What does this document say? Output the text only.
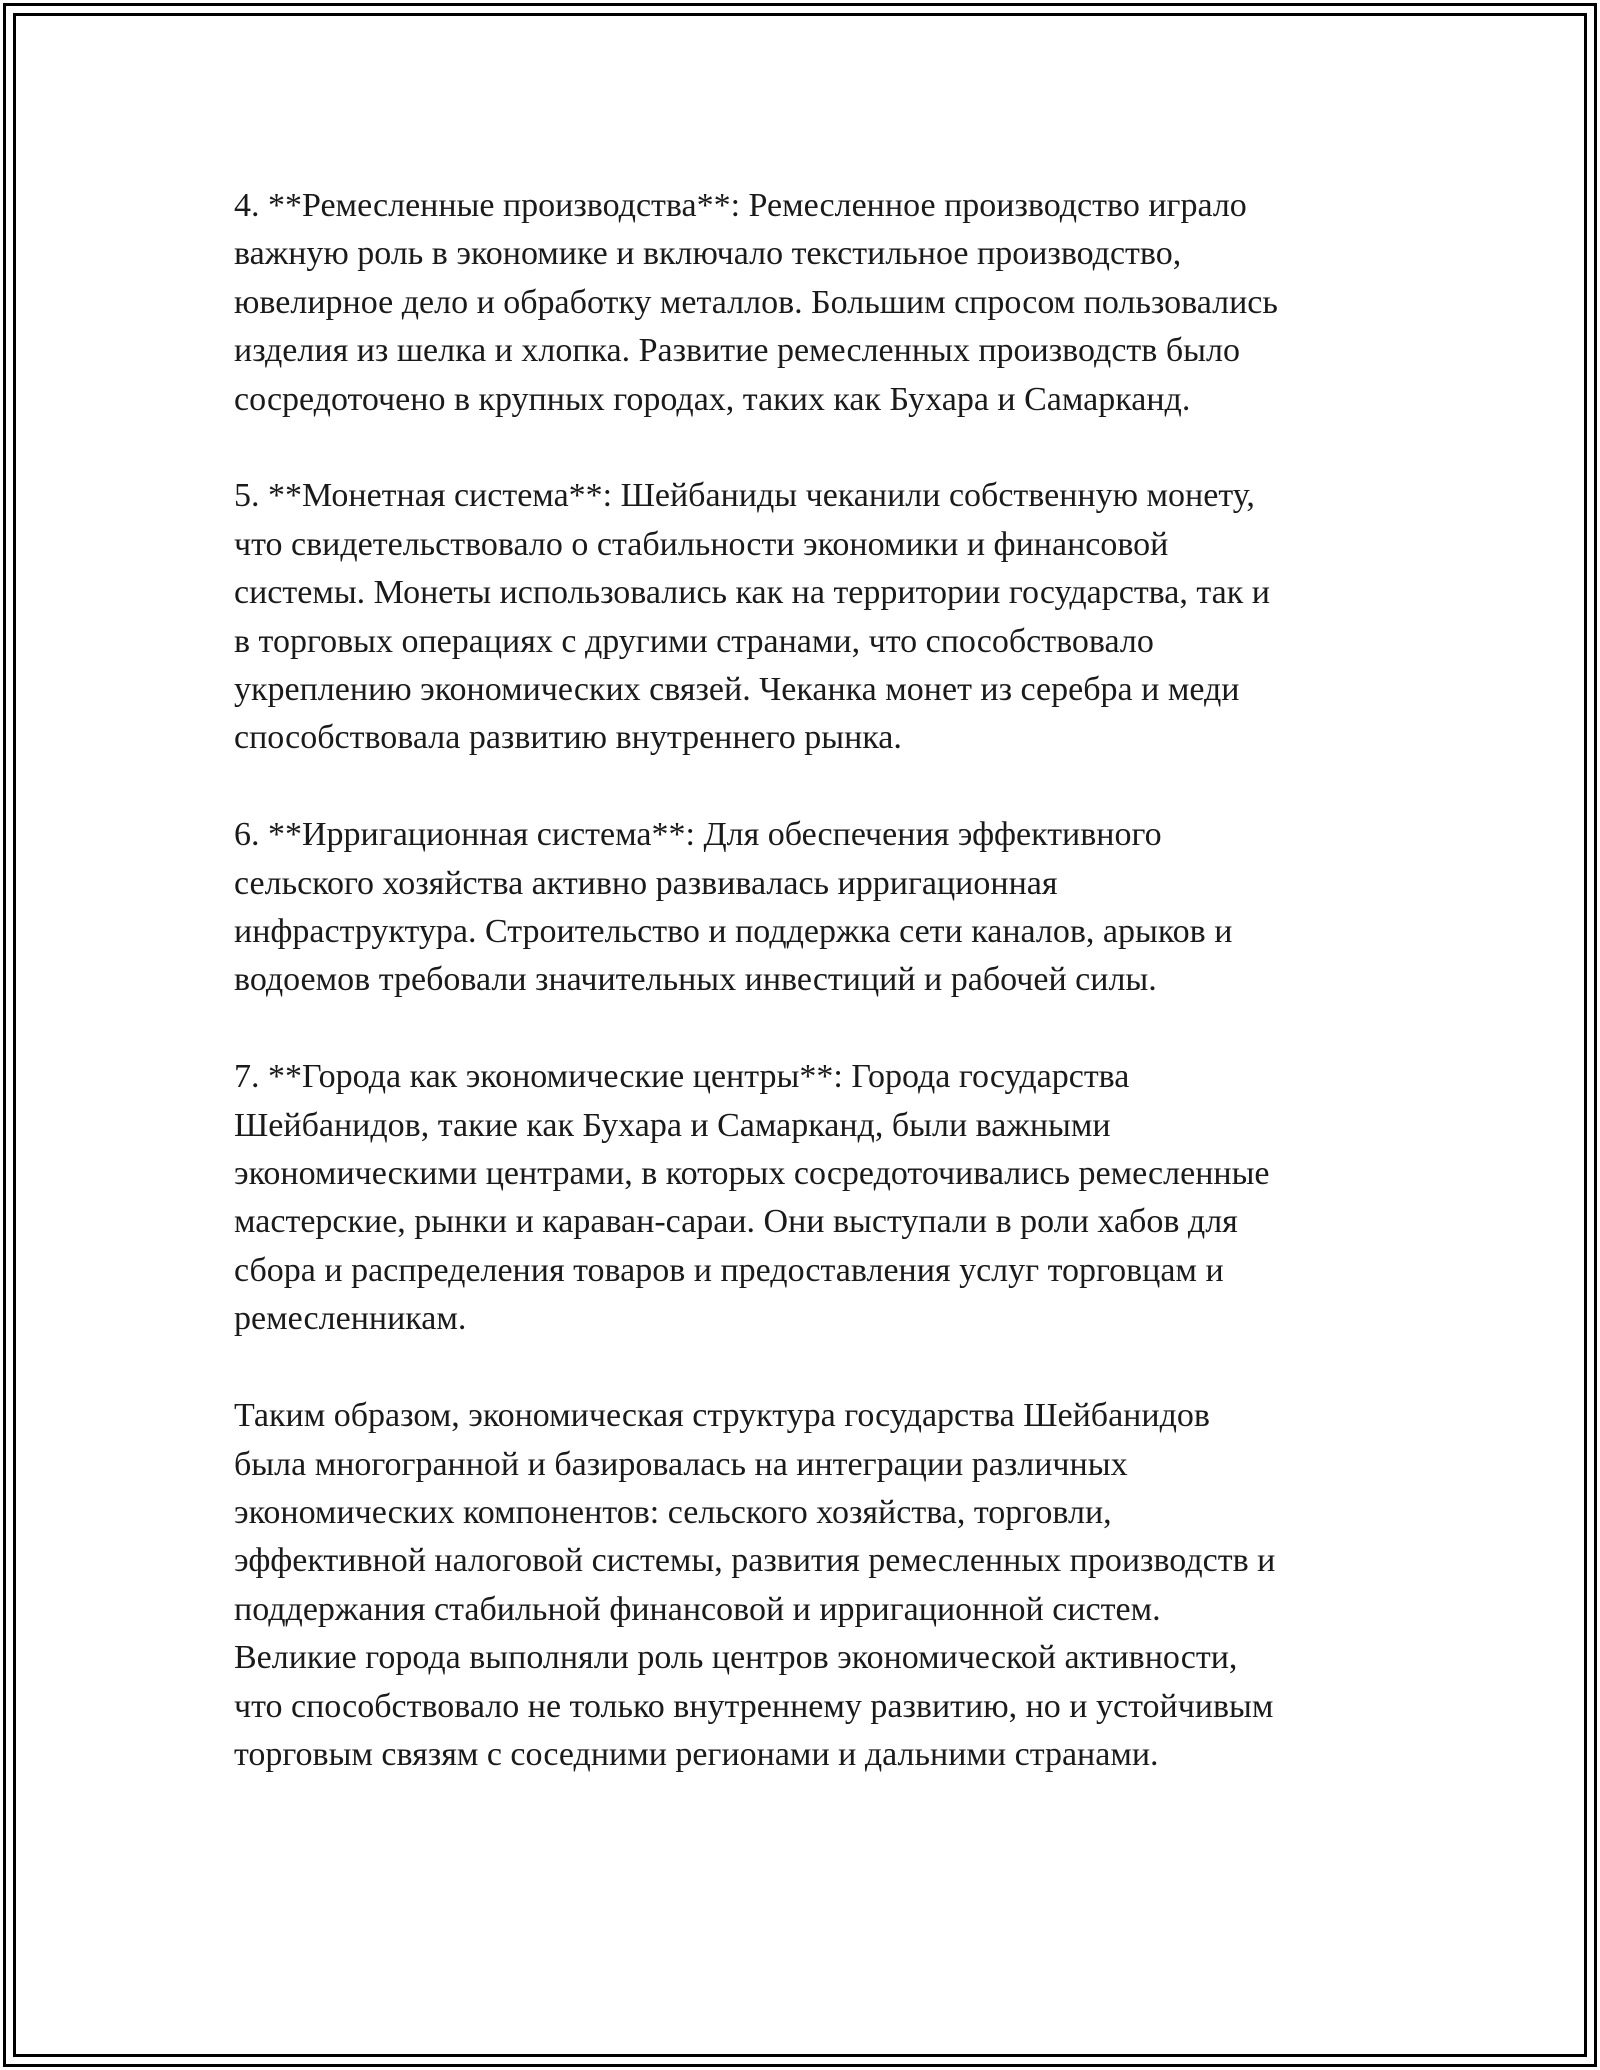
4. **Ремесленные производства**: Ремесленное производство играло
важную роль в экономике и включало текстильное производство,
ювелирное дело и обработку металлов. Большим спросом пользовались
изделия из шелка и хлопка. Развитие ремесленных производств было
сосредоточено в крупных городах, таких как Бухара и Самарканд.

5. **Монетная система**: Шейбаниды чеканили собственную монету,
что свидетельствовало о стабильности экономики и финансовой
системы. Монеты использовались как на территории государства, так и
в торговых операциях с другими странами, что способствовало
укреплению экономических связей. Чеканка монет из серебра и меди
способствовала развитию внутреннего рынка.

6. **Ирригационная система**: Для обеспечения эффективного
сельского хозяйства активно развивалась ирригационная
инфраструктура. Строительство и поддержка сети каналов, арыков и
водоемов требовали значительных инвестиций и рабочей силы.

7. **Города как экономические центры**: Города государства
Шейбанидов, такие как Бухара и Самарканд, были важными
экономическими центрами, в которых сосредоточивались ремесленные
мастерские, рынки и караван-сараи. Они выступали в роли хабов для
сбора и распределения товаров и предоставления услуг торговцам и
ремесленникам.

Таким образом, экономическая структура государства Шейбанидов
была многогранной и базировалась на интеграции различных
экономических компонентов: сельского хозяйства, торговли,
эффективной налоговой системы, развития ремесленных производств и
поддержания стабильной финансовой и ирригационной систем.
Великие города выполняли роль центров экономической активности,
что способствовало не только внутреннему развитию, но и устойчивым
торговым связям с соседними регионами и дальними странами.
